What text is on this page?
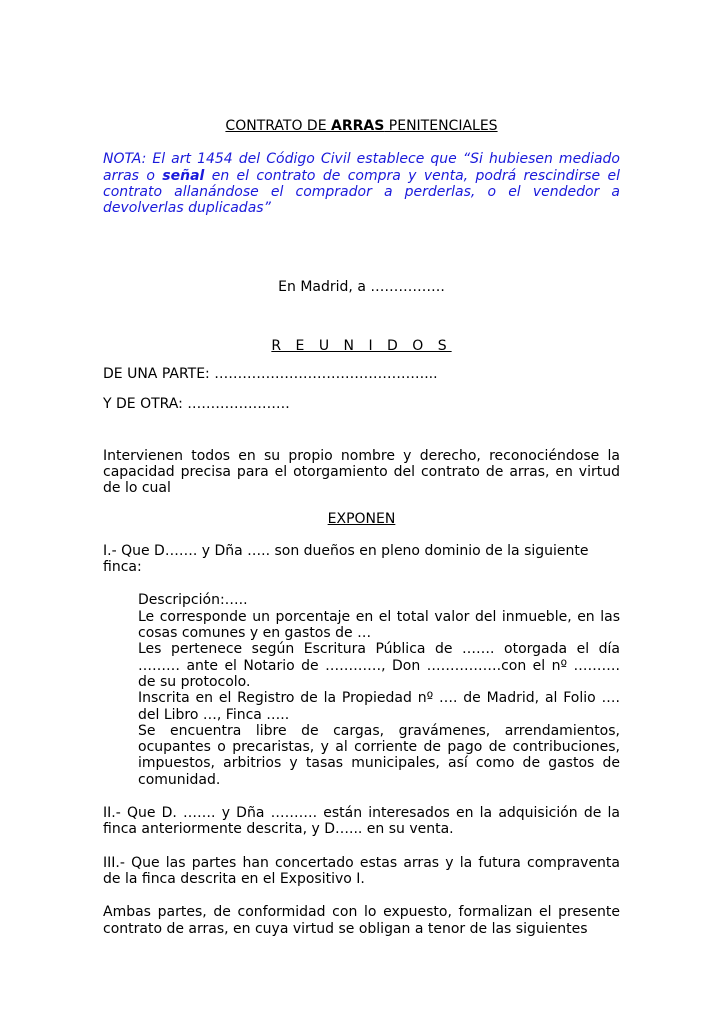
CONTRATO DE ARRAS PENITENCIALES

NOTA: El art 1454 del Código Civil establece que “Si hubiesen mediado arras o señal en el contrato de compra y venta, podrá rescindirse el contrato allanándose el comprador a perderlas, o el vendedor a devolverlas duplicadas”
En Madrid, a …………….
R E U N I D O S
DE UNA PARTE: ………………………………………...
Y DE OTRA: ………………….
Intervienen todos en su propio nombre y derecho, reconociéndose la capacidad precisa para el otorgamiento del contrato de arras, en virtud de lo cual
EXPONEN
I.- Que D……. y Dña ….. son dueños en pleno dominio de la siguiente finca:

Descripción:…..

Le corresponde un porcentaje en el total valor del inmueble, en las cosas comunes y en gastos de …

Les pertenece según Escritura Pública de ……. otorgada el día ……… ante el Notario de …………, Don …………….con el nº ………. de su protocolo.

Inscrita en el Registro de la Propiedad nº …. de Madrid, al Folio …. del Libro …, Finca …..

Se encuentra libre de cargas, gravámenes, arrendamientos, ocupantes o precaristas, y al corriente de pago de contribuciones, impuestos, arbitrios y tasas municipales, así como de gastos de comunidad.

II.- Que D. ……. y Dña ………. están interesados en la adquisición de la finca anteriormente descrita, y D…... en su venta.
III.- Que las partes han concertado estas arras y la futura compraventa de la finca descrita en el Expositivo I.
Ambas partes, de conformidad con lo expuesto, formalizan el presente contrato de arras, en cuya virtud se obligan a tenor de las siguientes
